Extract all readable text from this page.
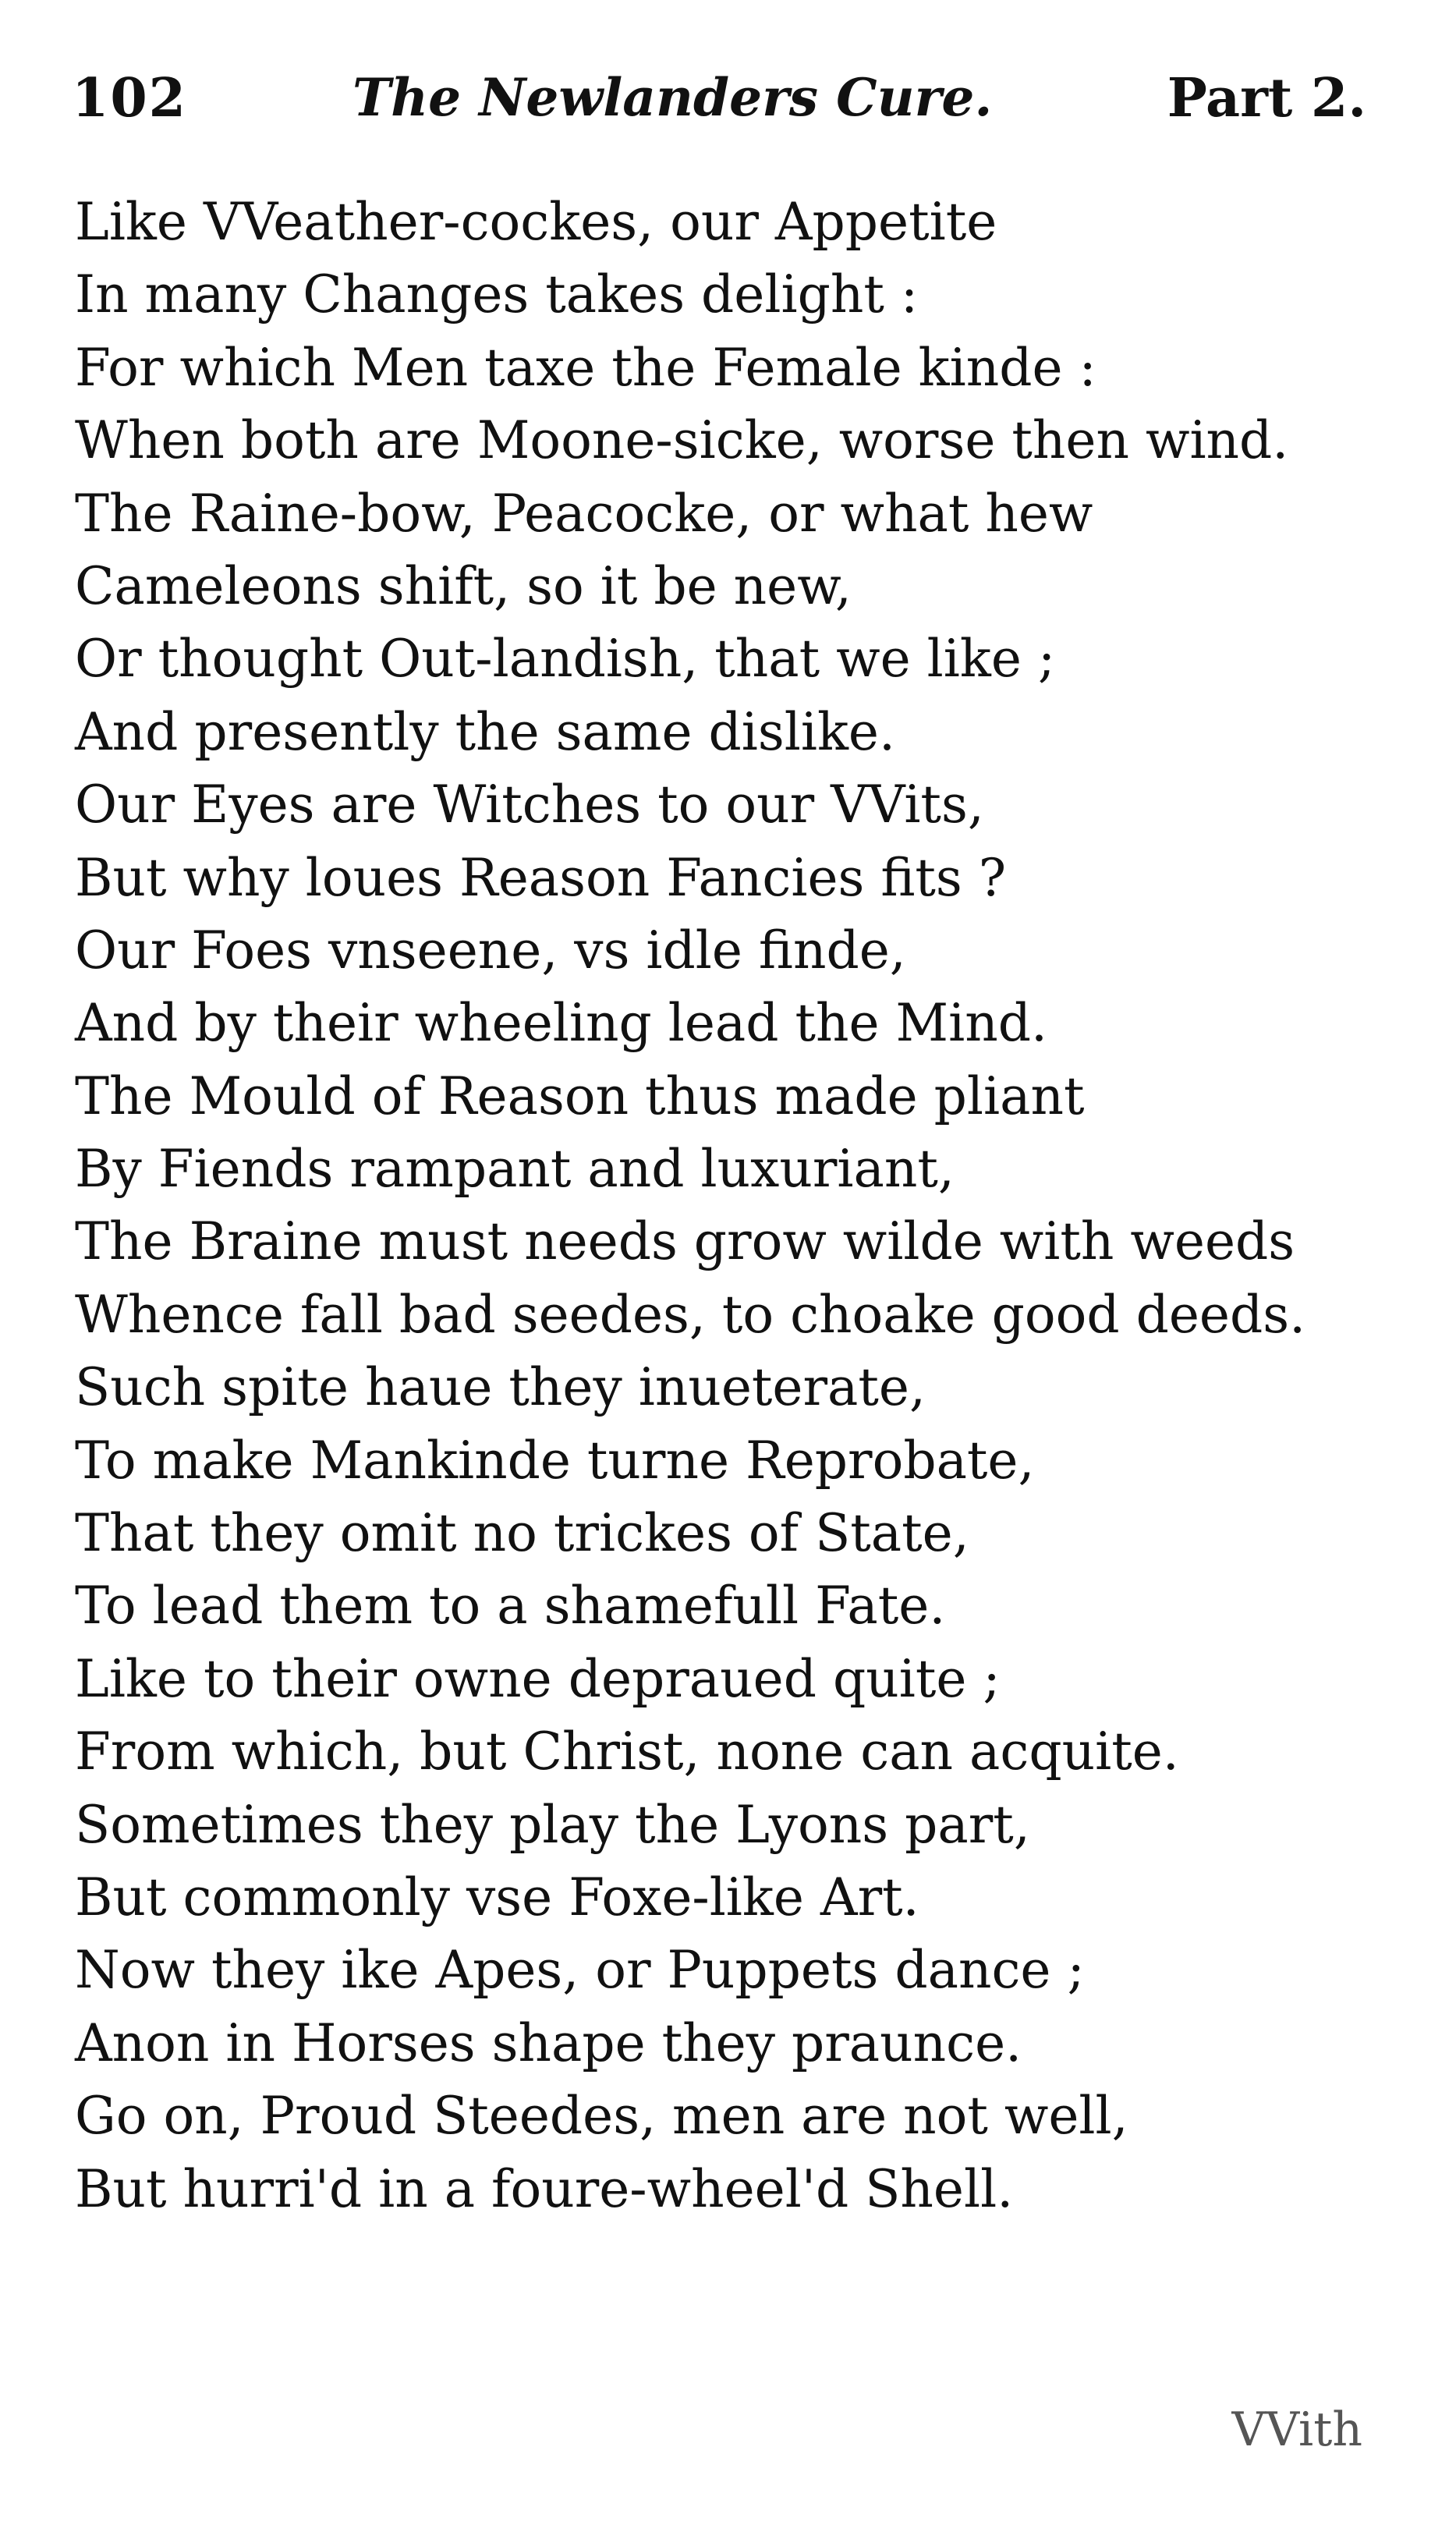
102	The Newlanders Cure.	Part 2.
Like VVeather-cockes, our Appetite
In many Changes takes delight :
For which Men taxe the Female kinde :
When both are Moone-sicke, worse then wind.
The Raine-bow, Peacocke, or what hew
Cameleons shift, so it be new,
Or thought Out-landish, that we like ;
And presently the same dislike.
Our Eyes are Witches to our VVits,
But why loues Reason Fancies fits ?
Our Foes vnseene, vs idle finde,
And by their wheeling lead the Mind.
The Mould of Reason thus made pliant
By Fiends rampant and luxuriant,
The Braine must needs grow wilde with weeds
Whence fall bad seedes, to choake good deeds.
Such spite haue they inueterate,
To make Mankinde turne Reprobate,
That they omit no trickes of State,
To lead them to a shamefull Fate.
Like to their owne depraued quite ;
From which, but Christ, none can acquite.
Sometimes they play the Lyons part,
But commonly vse Foxe-like Art.
Now they ike Apes, or Puppets dance ;
Anon in Horses shape they praunce.
Go on, Proud Steedes, men are not well,
But hurri'd in a foure-wheel'd Shell.
VVith
